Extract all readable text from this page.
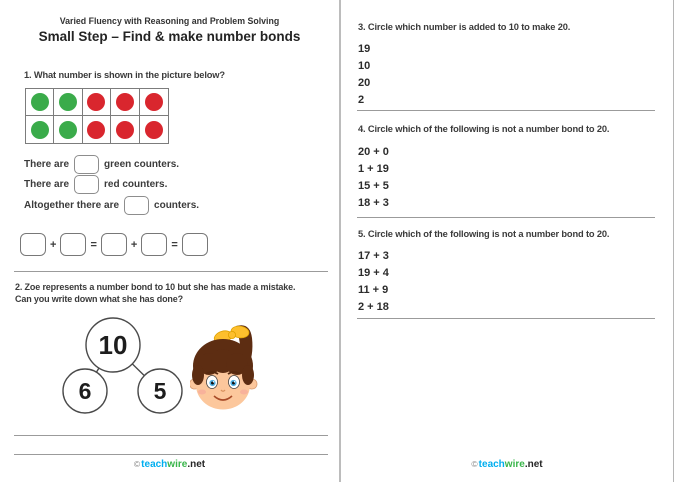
Varied Fluency with Reasoning and Problem Solving
Small Step – Find & make number bonds
1. What number is shown in the picture below?
There are	green counters.
There are	red counters.
Altogether there are	counters.
+	=	+	=
2. Zoe represents a number bond to 10 but she has made a mistake.
Can you write down what she has done?
10
6	5
©teachwire.net
3. Circle which number is added to 10 to make 20.
19
10
20
2
4. Circle which of the following is not a number bond to 20.
20 + 0
1 + 19
15 + 5
18 + 3
5. Circle which of the following is not a number bond to 20.
17 + 3
19 + 4
11 + 9
2 + 18
©teachwire.net
